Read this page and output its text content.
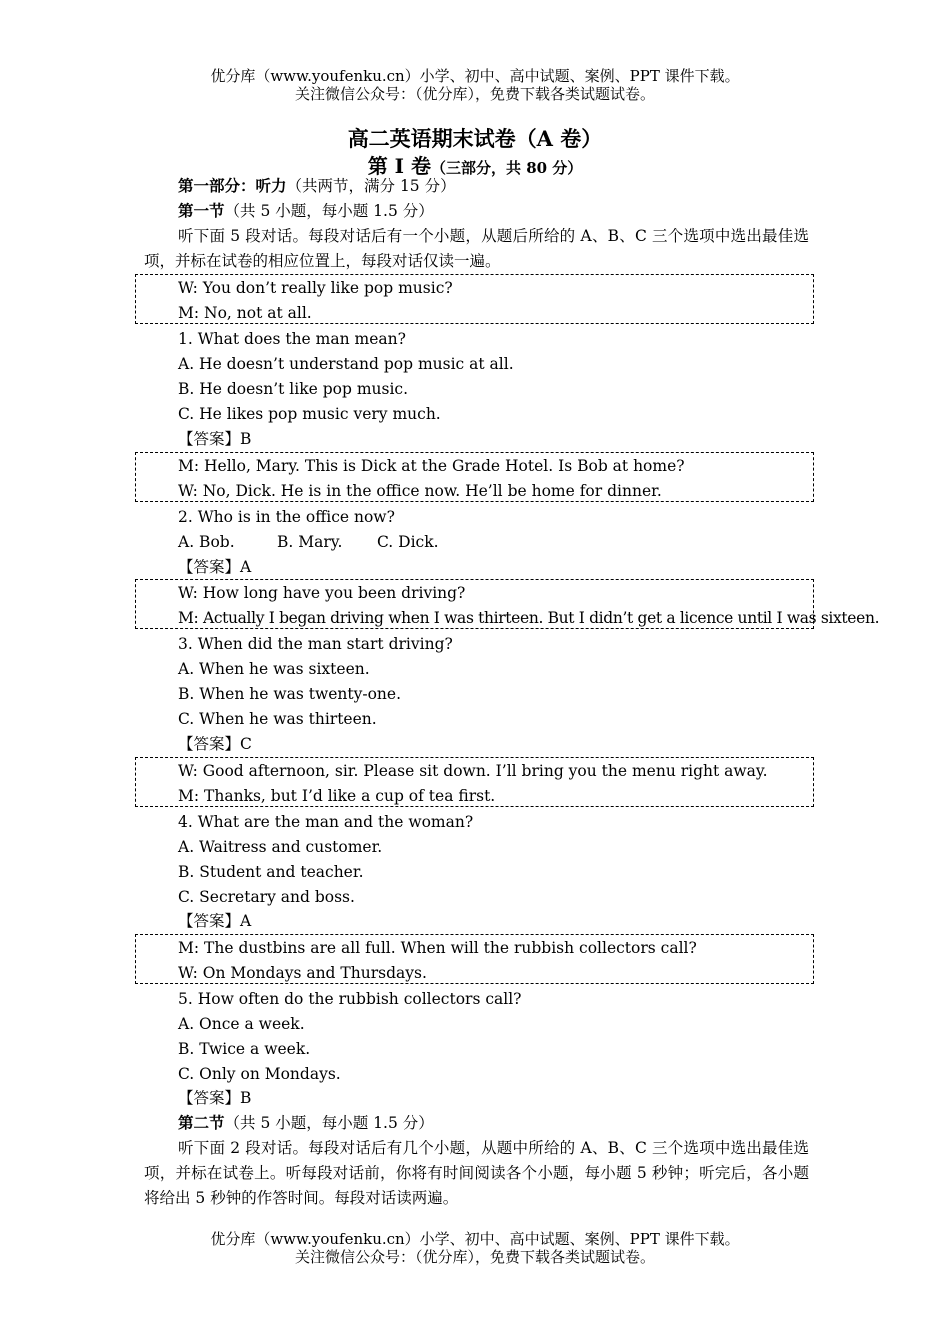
优分库（www.youfenku.cn）小学、初中、高中试题、案例、PPT 课件下载。
关注微信公众号：（优分库），免费下载各类试题试卷。
高二英语期末试卷（A 卷）
第 I 卷（三部分，共 80 分）
第一部分：听力（共两节，满分 15 分）
第一节（共 5 小题，每小题 1.5 分）
听下面 5 段对话。每段对话后有一个小题，从题后所给的 A、B、C 三个选项中选出最佳选项，并标在试卷的相应位置上，每段对话仅读一遍。
W: You don’t really like pop music?
M: No, not at all.
1. What does the man mean?
A. He doesn’t understand pop music at all.
B. He doesn’t like pop music.
C. He likes pop music very much.
【答案】B
M: Hello, Mary. This is Dick at the Grade Hotel. Is Bob at home?
W: No, Dick. He is in the office now. He’ll be home for dinner.
2. Who is in the office now?
A. Bob.	B. Mary. C. Dick.
【答案】A
W: How long have you been driving?
M: Actually I began driving when I was thirteen. But I didn’t get a licence until I was sixteen.
3. When did the man start driving?
A. When he was sixteen.
B. When he was twenty-one.
C. When he was thirteen.
【答案】C
W: Good afternoon, sir. Please sit down. I’ll bring you the menu right away.
M: Thanks, but I’d like a cup of tea first.
4. What are the man and the woman?
A. Waitress and customer.
B. Student and teacher.
C. Secretary and boss.
【答案】A
M: The dustbins are all full. When will the rubbish collectors call?
W: On Mondays and Thursdays.
5. How often do the rubbish collectors call?
A. Once a week.
B. Twice a week.
C. Only on Mondays.
【答案】B
第二节（共 5 小题，每小题 1.5 分）
听下面 2 段对话。每段对话后有几个小题，从题中所给的 A、B、C 三个选项中选出最佳选项，并标在试卷上。听每段对话前，你将有时间阅读各个小题，每小题 5 秒钟；听完后，各小题将给出 5 秒钟的作答时间。每段对话读两遍。
优分库（www.youfenku.cn）小学、初中、高中试题、案例、PPT 课件下载。
关注微信公众号：（优分库），免费下载各类试题试卷。
